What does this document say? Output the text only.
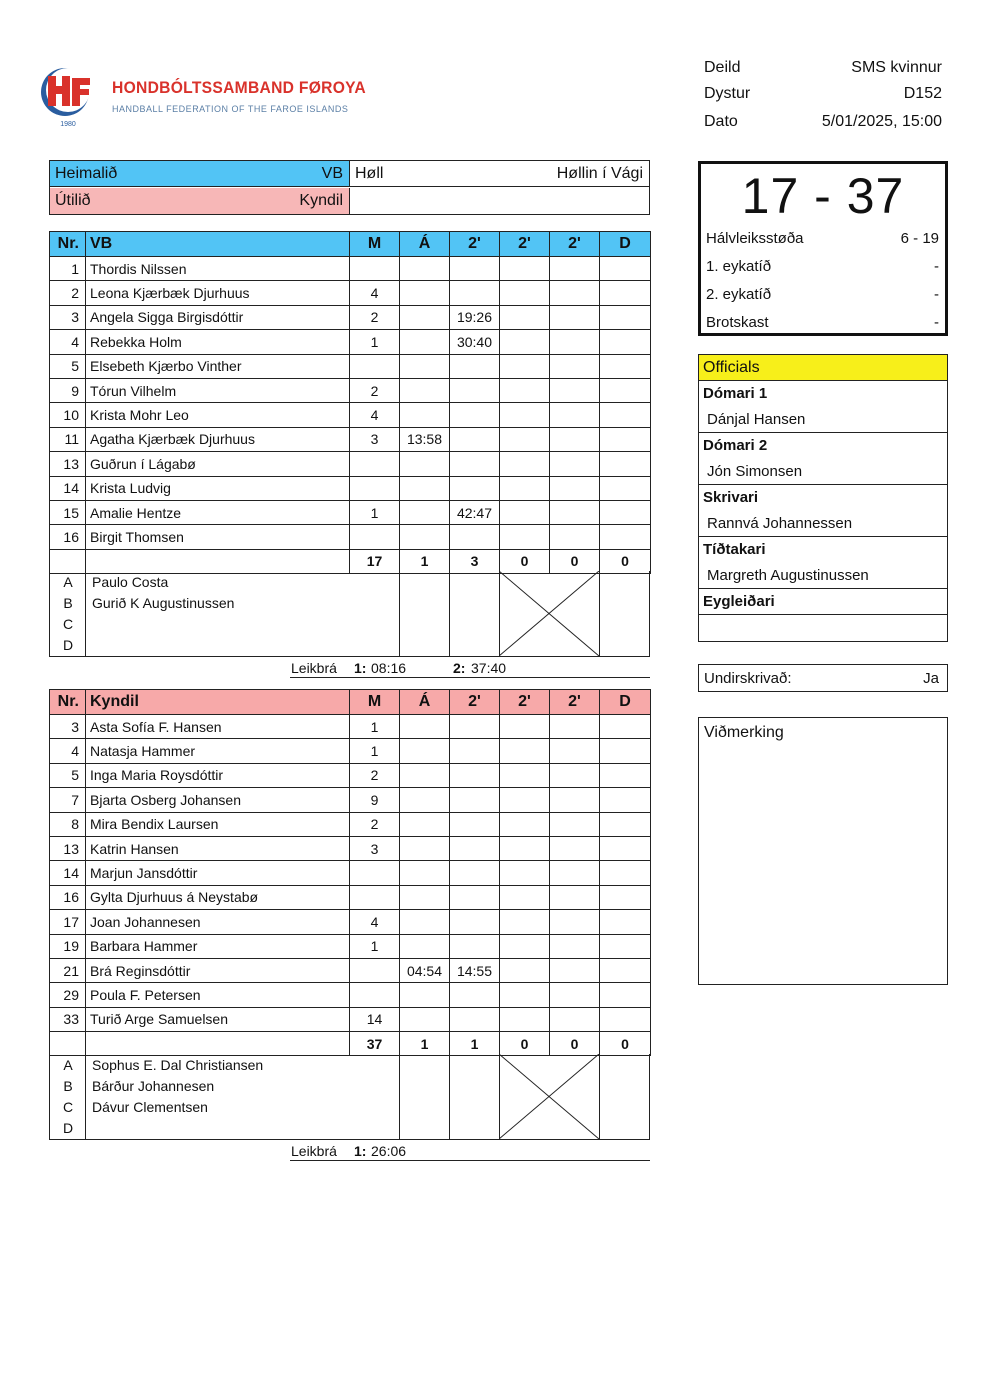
1980
HONDBÓLTSSAMBAND FØROYA
HANDBALL FEDERATION OF THE FAROE ISLANDS
Deild	SMS kvinnur
Dystur	D152
Dato	5/01/2025, 15:00
Heimalið	VB
Útilið	Kyndil
Høll	Høllin í Vági
Nr.	VB	M	Á	2'	2'	2'	D
1	Thordis Nilssen						
2	Leona Kjærbæk Djurhuus	4					
3	Angela Sigga Birgisdóttir	2		19:26			
4	Rebekka Holm	1		30:40			
5	Elsebeth Kjærbo Vinther						
9	Tórun Vilhelm	2					
10	Krista Mohr Leo	4					
11	Agatha Kjærbæk Djurhuus	3	13:58				
13	Guðrun í Lágabø						
14	Krista Ludvig						
15	Amalie Hentze	1		42:47			
16	Birgit Thomsen						
		17	1	3	0	0	0
A	Paulo Costa
B	Gurið K Augustinussen
C
D
Leikbrá 1: 08:16	2: 37:40
Nr.	Kyndil	M	Á	2'	2'	2'	D
3	Asta Sofía F. Hansen	1					
4	Natasja Hammer	1					
5	Inga Maria Roysdóttir	2					
7	Bjarta Osberg Johansen	9					
8	Mira Bendix Laursen	2					
13	Katrin Hansen	3					
14	Marjun Jansdóttir						
16	Gylta Djurhuus á Neystabø						
17	Joan Johannesen	4					
19	Barbara Hammer	1					
21	Brá Reginsdóttir		04:54	14:55			
29	Poula F. Petersen						
33	Turið Arge Samuelsen	14					
		37	1	1	0	0	0
A	Sophus E. Dal Christiansen
B	Bárður Johannesen
C	Dávur Clementsen
D
Leikbrá 1: 26:06
17 - 37
Hálvleiksstøða	6 - 19
1. eykatíð	-
2. eykatíð	-
Brotskast	-
Officials
Dómari 1
Dánjal Hansen
Dómari 2
Jón Simonsen
Skrivari
Rannvá Johannessen
Tíðtakari
Margreth Augustinussen
Eygleiðari
Undirskrivað:	Ja
Viðmerking
